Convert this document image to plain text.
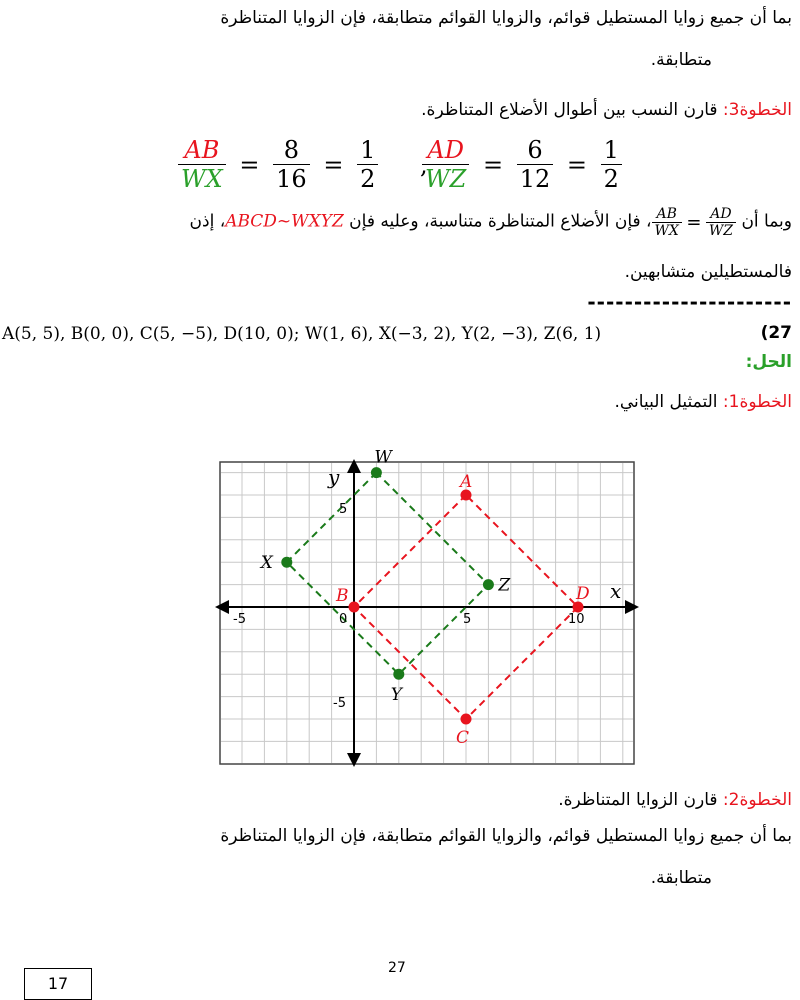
بما أن جميع زوايا المستطيل قوائم، والزوايا القوائم متطابقة، فإن الزوايا المتناظرة
متطابقة.
الخطوة3: قارن النسب بين أطوال الأضلاع المتناظرة.
$\frac{AB}{WX} = \frac{8}{16} = \frac{1}{2}$ ,
$\frac{AD}{WZ} = \frac{6}{12} = \frac{1}{2}$
وبما أن
$\frac{AB}{WX} = \frac{AD}{WZ}$
، فإن الأضلاع المتناظرة متناسبة، وعليه فإن ABCD~WXYZ، إذن
فالمستطيلين متشابهين.
----------------------
A(5, 5), B(0, 0), C(5, −5), D(10, 0); W(1, 6), X(−3, 2), Y(2, −3), Z(6, 1)	(27
الحل:
الخطوة1: التمثيل البياني.
W
X
Y
Z
A
B
C
D x
y
-5	0	5	10
5
-5
الخطوة2: قارن الزوايا المتناظرة.
بما أن جميع زوايا المستطيل قوائم، والزوايا القوائم متطابقة، فإن الزوايا المتناظرة
متطابقة.
27
17
